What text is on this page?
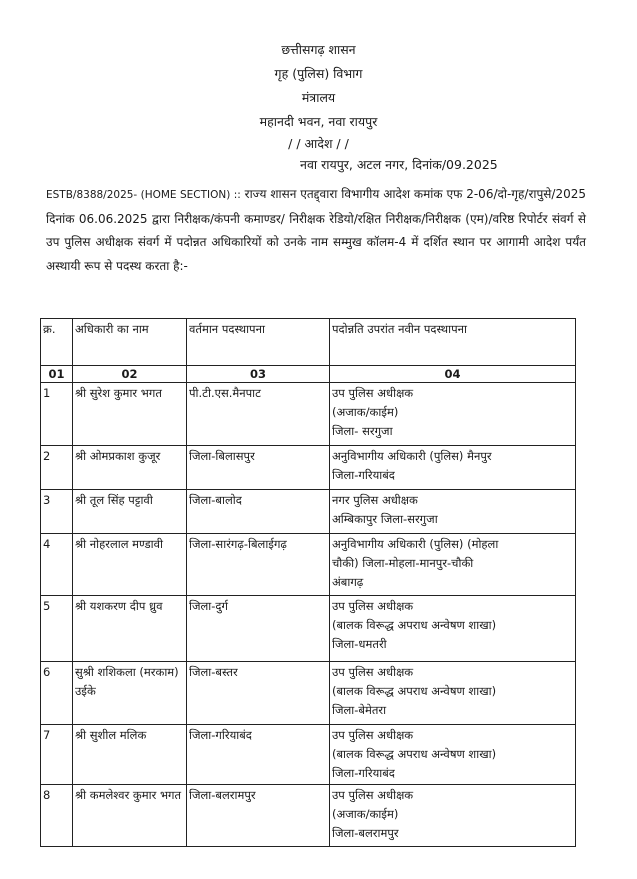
छत्तीसगढ़ शासन
गृह (पुलिस) विभाग
मंत्रालय
महानदी भवन, नवा रायपुर
/ / आदेश / /
नवा रायपुर, अटल नगर, दिनांक/09.2025
ESTB/8388/2025- (HOME SECTION) :: राज्य शासन एतद्द्वारा विभागीय आदेश कमांक एफ 2-06/दो-गृह/रापुसे/2025 दिनांक 06.06.2025 द्वारा निरीक्षक/कंपनी कमाण्डर/ निरीक्षक रेडियो/रक्षित निरीक्षक/निरीक्षक (एम)/वरिष्ठ रिपोर्टर संवर्ग से उप पुलिस अधीक्षक संवर्ग में पदोन्नत अधिकारियों को उनके नाम सम्मुख कॉलम-4 में दर्शित स्थान पर आगामी आदेश पर्यंत अस्थायी रूप से पदस्थ करता है:-
क्र.	अधिकारी का नाम	वर्तमान पदस्थापना	पदोन्नति उपरांत नवीन पदस्थापना
01	02	03	04
1	श्री सुरेश कुमार भगत	पी.टी.एस.मैनपाट	उप पुलिस अधीक्षक
(अजाक/काईम)
जिला- सरगुजा

2	श्री ओमप्रकाश कुजूर	जिला-बिलासपुर	अनुविभागीय अधिकारी (पुलिस) मैनपुर
जिला-गरियाबंद

3	श्री तूल सिंह पट्टावी	जिला-बालोद	नगर पुलिस अधीक्षक
अम्बिकापुर जिला-सरगुजा

4	श्री नोहरलाल मण्डावी	जिला-सारंगढ़-बिलाईगढ़	अनुविभागीय अधिकारी (पुलिस) (मोहला
चौकी) जिला-मोहला-मानपुर-चौकी
अंबागढ़

5	श्री यशकरण दीप ध्रुव	जिला-दुर्ग	उप पुलिस अधीक्षक
(बालक विरूद्ध अपराध अन्वेषण शाखा)
जिला-धमतरी

6	सुश्री शशिकला (मरकाम) उईके	जिला-बस्तर	उप पुलिस अधीक्षक
(बालक विरूद्ध अपराध अन्वेषण शाखा)
जिला-बेमेतरा

7	श्री सुशील मलिक	जिला-गरियाबंद	उप पुलिस अधीक्षक
(बालक विरूद्ध अपराध अन्वेषण शाखा)
जिला-गरियाबंद

8	श्री कमलेश्वर कुमार भगत	जिला-बलरामपुर	उप पुलिस अधीक्षक
(अजाक/काईम)
जिला-बलरामपुर
